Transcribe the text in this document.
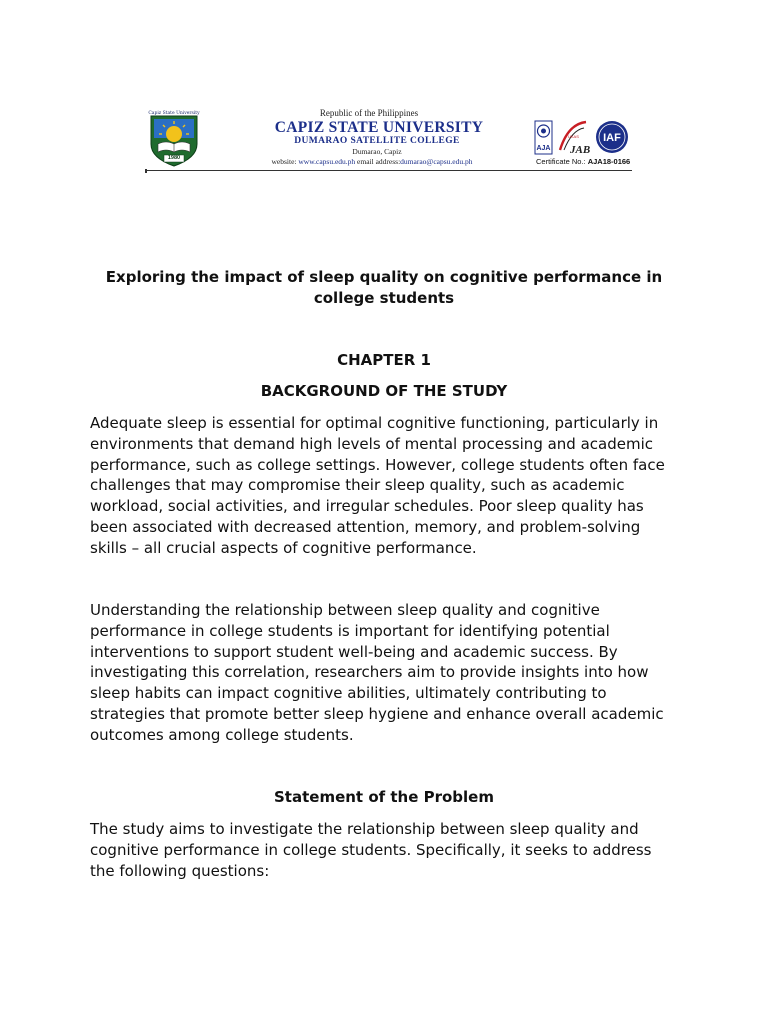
Capiz State University
1980
Republic of the Philippines
CAPIZ STATE UNIVERSITY
DUMARAO SATELLITE COLLEGE
Dumarao, Capiz
website: www.capsu.edu.ph email address:dumarao@capsu.edu.ph
AJA
UKAS
JAB
IAF
Certificate No.: AJA18-0166
Exploring the impact of sleep quality on cognitive performance in college students
CHAPTER 1
BACKGROUND OF THE STUDY

Adequate sleep is essential for optimal cognitive functioning, particularly in environments that demand high levels of mental processing and academic performance, such as college settings. However, college students often face challenges that may compromise their sleep quality, such as academic workload, social activities, and irregular schedules. Poor sleep quality has been associated with decreased attention, memory, and problem-solving skills – all crucial aspects of cognitive performance.

Understanding the relationship between sleep quality and cognitive performance in college students is important for identifying potential interventions to support student well-being and academic success. By investigating this correlation, researchers aim to provide insights into how sleep habits can impact cognitive abilities, ultimately contributing to strategies that promote better sleep hygiene and enhance overall academic outcomes among college students.

Statement of the Problem

The study aims to investigate the relationship between sleep quality and cognitive performance in college students. Specifically, it seeks to address the following questions:
